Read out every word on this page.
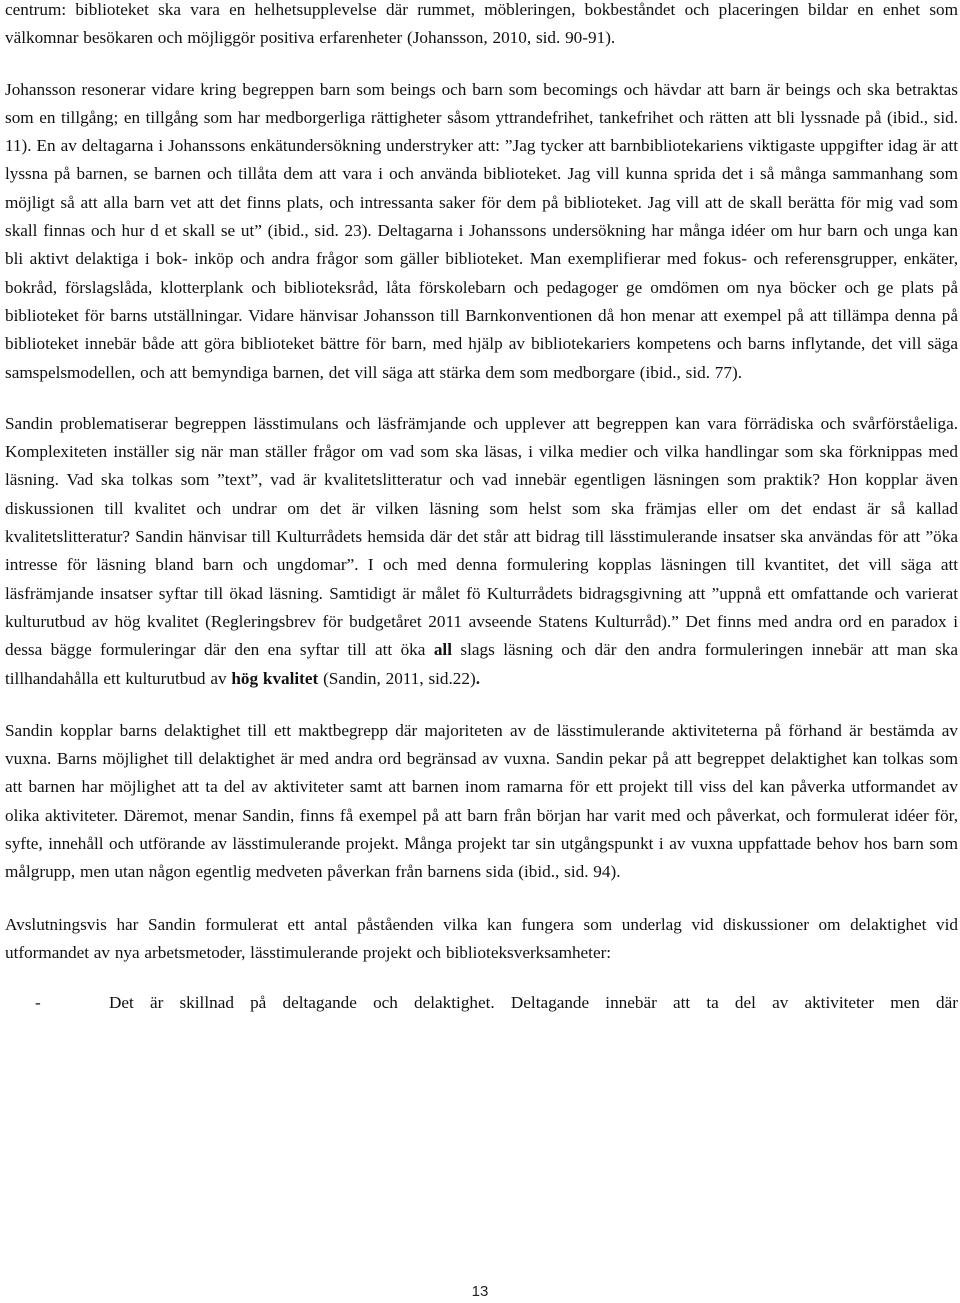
centrum: biblioteket ska vara en helhetsupplevelse där rummet, möbleringen, bokbeståndet och placeringen bildar en enhet som välkomnar besökaren och möjliggör positiva erfarenheter (Johansson, 2010, sid. 90-91).

Johansson resonerar vidare kring begreppen barn som beings och barn som becomings och hävdar att barn är beings och ska betraktas som en tillgång; en tillgång som har medborgerliga rättigheter såsom yttrandefrihet, tankefrihet och rätten att bli lyssnade på (ibid., sid. 11). En av deltagarna i Johanssons enkätundersökning understryker att: ”Jag tycker att barnbibliotekariens viktigaste uppgifter idag är att lyssna på barnen, se barnen och tillåta dem att vara i och använda biblioteket. Jag vill kunna sprida det i så många sammanhang som möjligt så att alla barn vet att det finns plats, och intressanta saker för dem på biblioteket. Jag vill att de skall berätta för mig vad som skall finnas och hur d et skall se ut” (ibid., sid. 23). Deltagarna i Johanssons undersökning har många idéer om hur barn och unga kan bli aktivt delaktiga i bok- inköp och andra frågor som gäller biblioteket. Man exemplifierar med fokus- och referensgrupper, enkäter, bokråd, förslagslåda, klotterplank och biblioteksråd, låta förskolebarn och pedagoger ge omdömen om nya böcker och ge plats på biblioteket för barns utställningar. Vidare hänvisar Johansson till Barnkonventionen då hon menar att exempel på att tillämpa denna på biblioteket innebär både att göra biblioteket bättre för barn, med hjälp av bibliotekariers kompetens och barns inflytande, det vill säga samspelsmodellen, och att bemyndiga barnen, det vill säga att stärka dem som medborgare (ibid., sid. 77).

Sandin problematiserar begreppen lässtimulans och läsfrämjande och upplever att begreppen kan vara förrädiska och svårförståeliga. Komplexiteten inställer sig när man ställer frågor om vad som ska läsas, i vilka medier och vilka handlingar som ska förknippas med läsning. Vad ska tolkas som ”text”, vad är kvalitetslitteratur och vad innebär egentligen läsningen som praktik? Hon kopplar även diskussionen till kvalitet och undrar om det är vilken läsning som helst som ska främjas eller om det endast är så kallad kvalitetslitteratur? Sandin hänvisar till Kulturrådets hemsida där det står att bidrag till lässtimulerande insatser ska användas för att ”öka intresse för läsning bland barn och ungdomar”. I och med denna formulering kopplas läsningen till kvantitet, det vill säga att läsfrämjande insatser syftar till ökad läsning. Samtidigt är målet fö Kulturrådets bidragsgivning att ”uppnå ett omfattande och varierat kulturutbud av hög kvalitet (Regleringsbrev för budgetåret 2011 avseende Statens Kulturråd).” Det finns med andra ord en paradox i dessa bägge formuleringar där den ena syftar till att öka all slags läsning och där den andra formuleringen innebär att man ska tillhandahålla ett kulturutbud av hög kvalitet (Sandin, 2011, sid.22).

Sandin kopplar barns delaktighet till ett maktbegrepp där majoriteten av de lässtimulerande aktiviteterna på förhand är bestämda av vuxna. Barns möjlighet till delaktighet är med andra ord begränsad av vuxna. Sandin pekar på att begreppet delaktighet kan tolkas som att barnen har möjlighet att ta del av aktiviteter samt att barnen inom ramarna för ett projekt till viss del kan påverka utformandet av olika aktiviteter. Däremot, menar Sandin, finns få exempel på att barn från början har varit med och påverkat, och formulerat idéer för, syfte, innehåll och utförande av lässtimulerande projekt. Många projekt tar sin utgångspunkt i av vuxna uppfattade behov hos barn som målgrupp, men utan någon egentlig medveten påverkan från barnens sida (ibid., sid. 94).

Avslutningsvis har Sandin formulerat ett antal påståenden vilka kan fungera som underlag vid diskussioner om delaktighet vid utformandet av nya arbetsmetoder, lässtimulerande projekt och biblioteksverksamheter:

-	Det är skillnad på deltagande och delaktighet. Deltagande innebär att ta del av aktiviteter men där
13
